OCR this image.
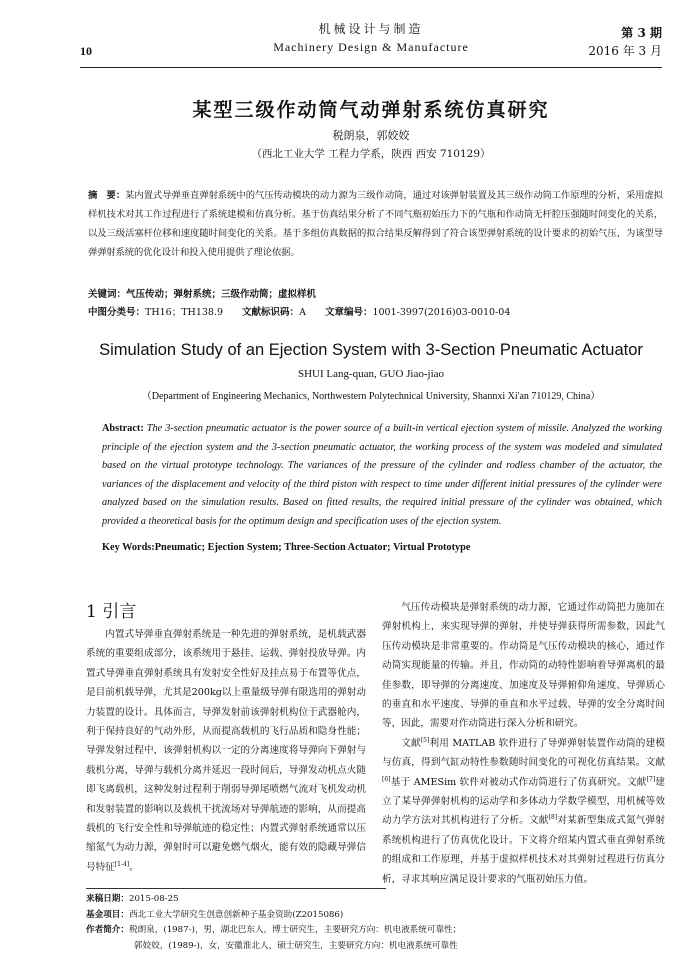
机械设计与制造
Machinery Design & Manufacture
10
第 3 期
2016 年 3 月
某型三级作动筒气动弹射系统仿真研究
税朗泉，郭姣姣
（西北工业大学 工程力学系，陕西 西安 710129）
摘　要：某内置式导弹垂直弹射系统中的气压传动模块的动力源为三级作动筒，通过对该弹射装置及其三级作动筒工作原理的分析，采用虚拟样机技术对其工作过程进行了系统建模和仿真分析。基于仿真结果分析了不同气瓶初始压力下的气瓶和作动筒无杆腔压强随时间变化的关系，以及三级活塞杆位移和速度随时间变化的关系。基于多组仿真数据的拟合结果反解得到了符合该型弹射系统的设计要求的初始气压，为该型导弹弹射系统的优化设计和投入使用提供了理论依据。
关键词：气压传动；弹射系统；三级作动筒；虚拟样机
中图分类号：TH16；TH138.9   文献标识码：A   文章编号：1001-3997(2016)03-0010-04
Simulation Study of an Ejection System with 3-Section Pneumatic Actuator
SHUI Lang-quan, GUO Jiao-jiao
（Department of Engineering Mechanics, Northwestern Polytechnical University, Shannxi Xi'an 710129, China）
Abstract: The 3-section pneumatic actuator is the power source of a built-in vertical ejection system of missile. Analyzed the working principle of the ejection system and the 3-section pneumatic actuator, the working process of the system was modeled and simulated based on the virtual prototype technology. The variances of the pressure of the cylinder and rodless chamber of the actuator, the variances of the displacement and velocity of the third piston with respect to time under different initial pressures of the cylinder were analyzed based on the simulation results. Based on fitted results, the required initial pressure of the cylinder was obtained, which provided a theoretical basis for the optimum design and specification uses of the ejection system.
Key Words:Pneumatic; Ejection System; Three-Section Actuator; Virtual Prototype
1 引言

内置式导弹垂直弹射系统是一种先进的弹射系统，是机载武器系统的重要组成部分，该系统用于悬挂、运载、弹射投放导弹。内置式导弹垂直弹射系统具有发射安全性好及挂点易于布置等优点，是目前机载导弹，尤其是200kg以上重量级导弹有限选用的弹射动力装置的设计。具体而言，导弹发射前该弹射机构位于武器舱内，利于保持良好的气动外形，从而提高载机的飞行品质和隐身性能；导弹发射过程中，该弹射机构以一定的分离速度将导弹向下弹射与载机分离，导弹与载机分离并延迟一段时间后，导弹发动机点火随即飞离载机，这种发射过程利于削弱导弹尾喷燃气流对飞机发动机和发射装置的影响以及载机干扰流场对导弹航迹的影响，从而提高载机的飞行安全性和导弹航迹的稳定性；内置式弹射系统通常以压缩氮气为动力源，弹射时可以避免燃气烟火，能有效的隐藏导弹信号特征[1-4]。

气压传动模块是弹射系统的动力源，它通过作动筒把力施加在弹射机构上，来实现导弹的弹射，并使导弹获得所需参数，因此气压传动模块是非常重要的。作动筒是气压传动模块的核心，通过作动筒实现能量的传输。并且，作动筒的动特性影响着导弹离机的最佳参数，即导弹的分离速度、加速度及导弹俯仰角速度、导弹质心的垂直和水平速度、导弹的垂直和水平过载、导弹的安全分离时间等，因此，需要对作动筒进行深入分析和研究。

文献[5]利用 MATLAB 软件进行了导弹弹射装置作动筒的建模与仿真，得到气缸动特性参数随时间变化的可视化仿真结果。文献[6]基于 AMESim 软件对被动式作动筒进行了仿真研究。文献[7]建立了某导弹弹射机构的运动学和多体动力学数学模型，用机械等效动力学方法对其机构进行了分析。文献[8]对某新型集成式氮气弹射系统机构进行了仿真优化设计。下文将介绍某内置式垂直弹射系统的组成和工作原理，并基于虚拟样机技术对其弹射过程进行仿真分析，寻求其响应满足设计要求的气瓶初始压力值。

来稿日期：2015-08-25
基金项目：西北工业大学研究生创意创新种子基金资助(Z2015086)
作者简介：税朗泉，(1987-)，男，湖北巴东人，博士研究生，主要研究方向：机电液系统可靠性；
郭姣姣，(1989-)，女，安徽淮北人，硕士研究生，主要研究方向：机电液系统可靠性
